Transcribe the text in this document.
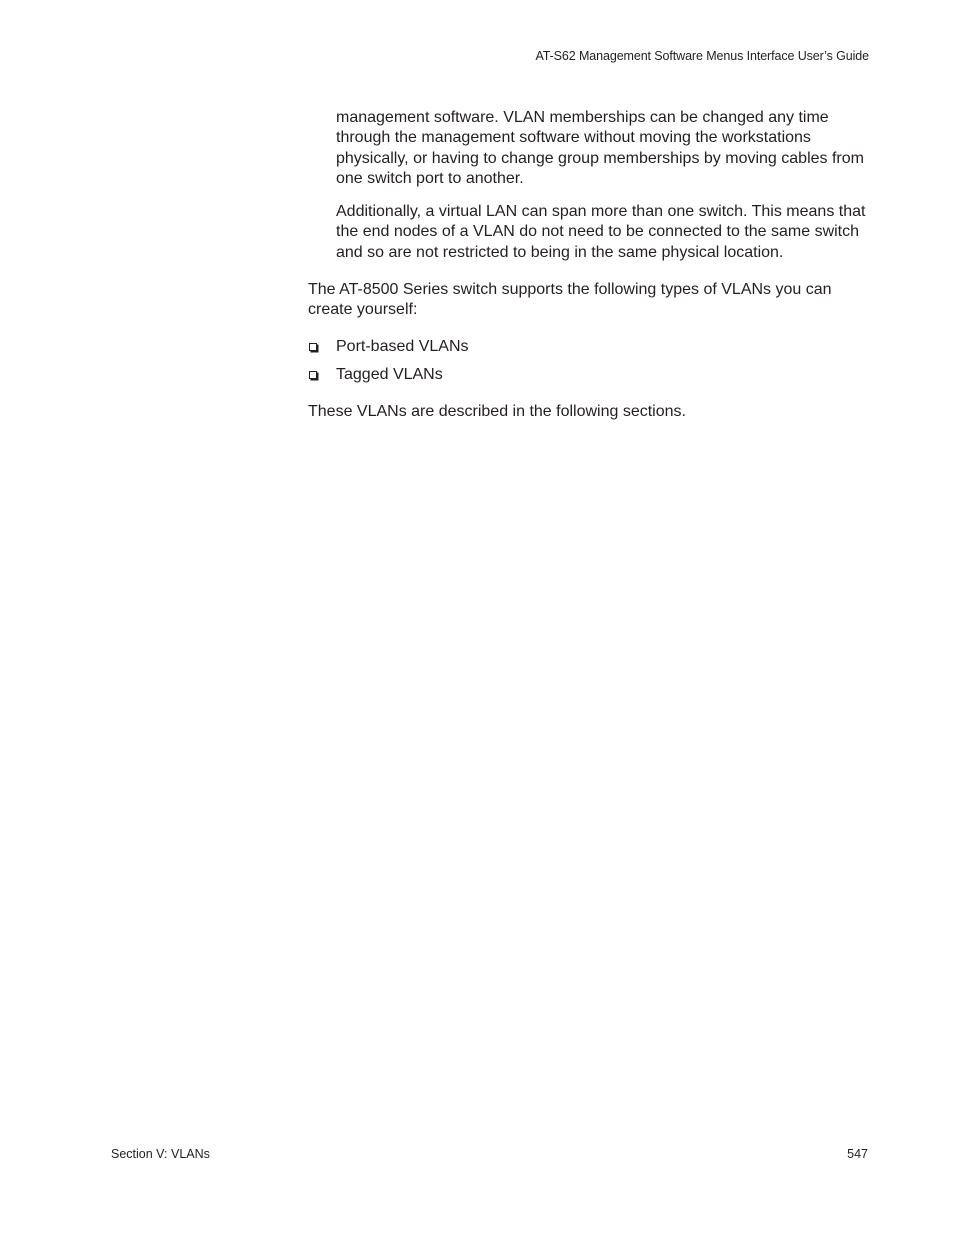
AT-S62 Management Software Menus Interface User’s Guide

management software. VLAN memberships can be changed any time through the management software without moving the workstations physically, or having to change group memberships by moving cables from one switch port to another.

Additionally, a virtual LAN can span more than one switch. This means that the end nodes of a VLAN do not need to be connected to the same switch and so are not restricted to being in the same physical location.

The AT-8500 Series switch supports the following types of VLANs you can create yourself:

Port-based VLANs
Tagged VLANs

These VLANs are described in the following sections.

Section V: VLANs	547
